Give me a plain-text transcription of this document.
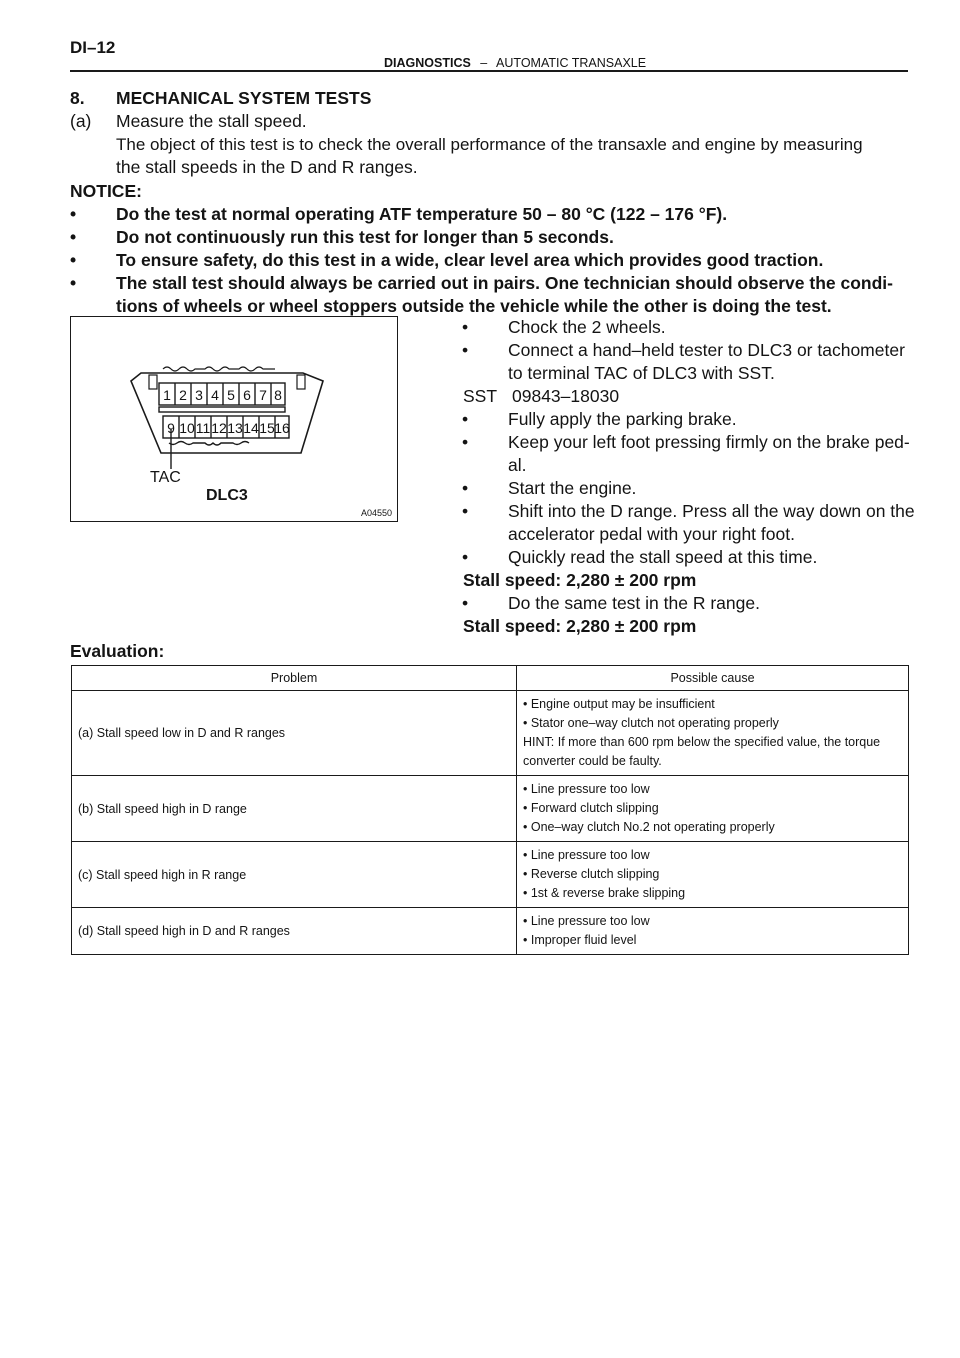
DI–12
DIAGNOSTICS – AUTOMATIC TRANSAXLE
8. MECHANICAL SYSTEM TESTS
(a) Measure the stall speed.
The object of this test is to check the overall performance of the transaxle and engine by measuring
the stall speeds in the D and R ranges.
NOTICE:
• Do the test at normal operating ATF temperature 50 – 80 °C (122 – 176 °F).
• Do not continuously run this test for longer than 5 seconds.
• To ensure safety, do this test in a wide, clear level area which provides good traction.
• The stall test should always be carried out in pairs. One technician should observe the condi-
tions of wheels or wheel stoppers outside the vehicle while the other is doing the test.
1 2 3 4 5 6 7 8
9 10 11 12 13 14 15 16
TAC
DLC3
A04550
• Chock the 2 wheels.
• Connect a hand–held tester to DLC3 or tachometer
to terminal TAC of DLC3 with SST.
SST 09843–18030
• Fully apply the parking brake.
• Keep your left foot pressing firmly on the brake ped-
al.
• Start the engine.
• Shift into the D range. Press all the way down on the
accelerator pedal with your right foot.
• Quickly read the stall speed at this time.
Stall speed: 2,280 ± 200 rpm
• Do the same test in the R range.
Stall speed: 2,280 ± 200 rpm
Evaluation:
Problem	Possible cause
(a) Stall speed low in D and R ranges	• Engine output may be insufficient
• Stator one–way clutch not operating properly
HINT: If more than 600 rpm below the specified value, the torque
converter could be faulty.

(b) Stall speed high in D range	• Line pressure too low
• Forward clutch slipping
• One–way clutch No.2 not operating properly

(c) Stall speed high in R range	• Line pressure too low
• Reverse clutch slipping
• 1st & reverse brake slipping

(d) Stall speed high in D and R ranges	• Line pressure too low
• Improper fluid level
